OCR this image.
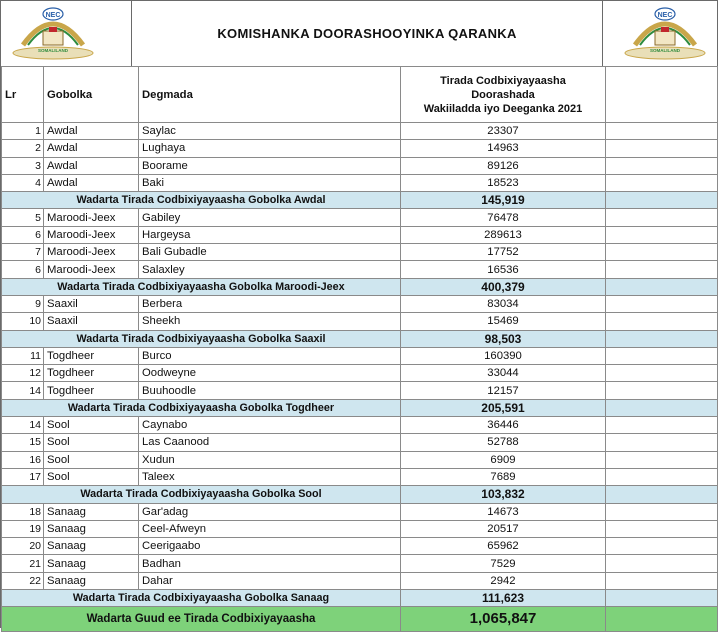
NEC
SOMALILAND
KOMISHANKA DOORASHOOYINKA QARANKA
NEC
SOMALILAND
Lr	Gobolka	Degmada	Tirada Codbixiyayaasha
Doorashada
Wakiiladda iyo Deeganka 2021	

1	Awdal	Saylac	23307	
2	Awdal	Lughaya	14963	
3	Awdal	Boorame	89126	
4	Awdal	Baki	18523	
Wadarta Tirada Codbixiyayaasha Gobolka Awdal			145,919	
5	Maroodi-Jeex	Gabiley	76478	
6	Maroodi-Jeex	Hargeysa	289613	
7	Maroodi-Jeex	Bali Gubadle	17752	
6	Maroodi-Jeex	Salaxley	16536	
Wadarta Tirada Codbixiyayaasha Gobolka Maroodi-Jeex			400,379	
9	Saaxil	Berbera	83034	
10	Saaxil	Sheekh	15469	
Wadarta Tirada Codbixiyayaasha Gobolka Saaxil			98,503	
11	Togdheer	Burco	160390	
12	Togdheer	Oodweyne	33044	
14	Togdheer	Buuhoodle	12157	
Wadarta Tirada Codbixiyayaasha Gobolka Togdheer			205,591	
14	Sool	Caynabo	36446	
15	Sool	Las Caanood	52788	
16	Sool	Xudun	6909	
17	Sool	Taleex	7689	
Wadarta Tirada Codbixiyayaasha Gobolka Sool			103,832	
18	Sanaag	Gar'adag	14673	
19	Sanaag	Ceel-Afweyn	20517	
20	Sanaag	Ceerigaabo	65962	
21	Sanaag	Badhan	7529	
22	Sanaag	Dahar	2942	
Wadarta Tirada Codbixiyayaasha Gobolka Sanaag			111,623	
Wadarta Guud ee Tirada Codbixiyayaasha			1,065,847	
